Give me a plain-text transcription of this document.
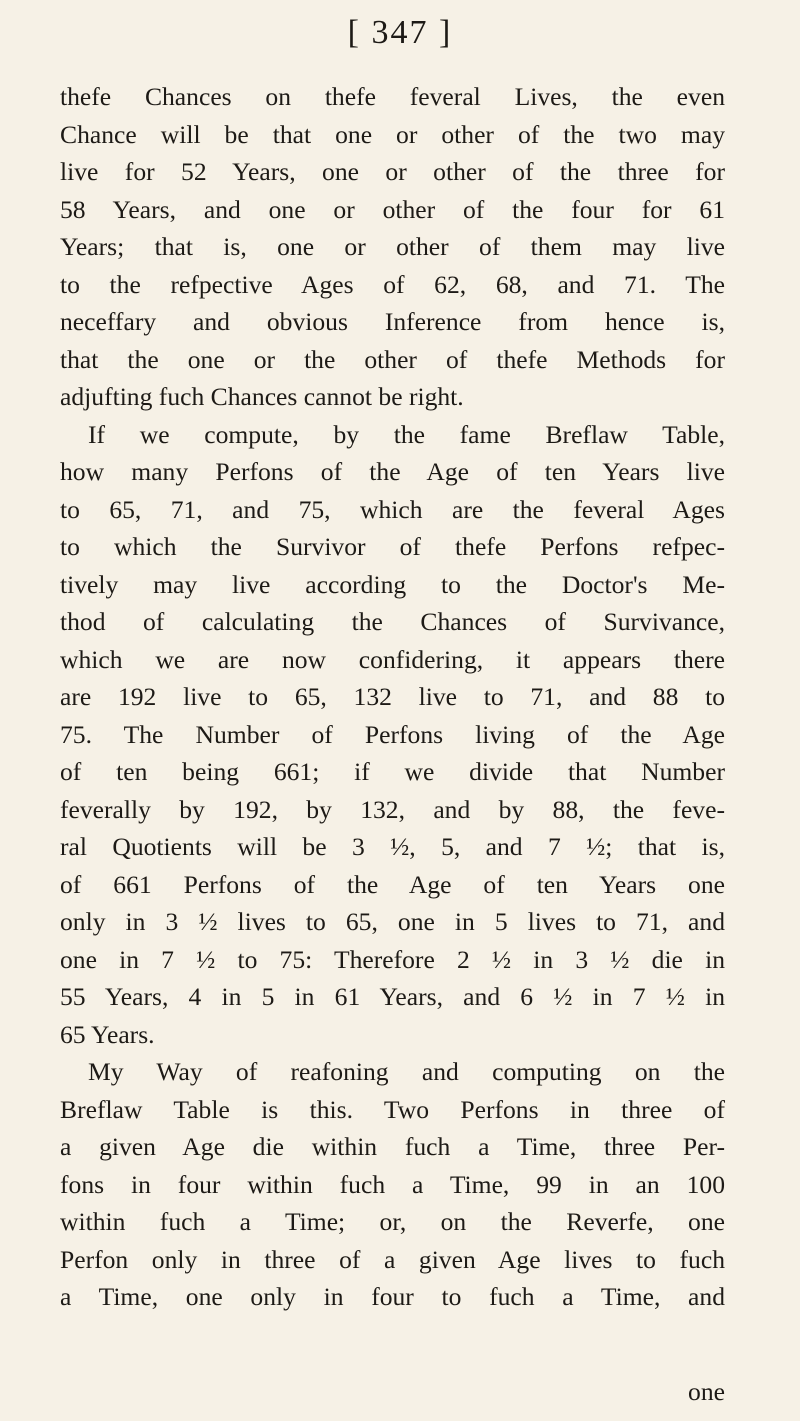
[ 347 ]
thefe Chances on thefe feveral Lives, the even
Chance will be that one or other of the two may
live for 52 Years, one or other of the three for
58 Years, and one or other of the four for 61
Years; that is, one or other of them may live
to the refpective Ages of 62, 68, and 71. The
neceffary and obvious Inference from hence is,
that the one or the other of thefe Methods for
adjufting fuch Chances cannot be right.
If we compute, by the fame Breflaw Table,
how many Perfons of the Age of ten Years live
to 65, 71, and 75, which are the feveral Ages
to which the Survivor of thefe Perfons refpec-
tively may live according to the Doctor's Me-
thod of calculating the Chances of Survivance,
which we are now confidering, it appears there
are 192 live to 65, 132 live to 71, and 88 to
75. The Number of Perfons living of the Age
of ten being 661; if we divide that Number
feverally by 192, by 132, and by 88, the feve-
ral Quotients will be 3 ½, 5, and 7 ½; that is,
of 661 Perfons of the Age of ten Years one
only in 3 ½ lives to 65, one in 5 lives to 71, and
one in 7 ½ to 75: Therefore 2 ½ in 3 ½ die in
55 Years, 4 in 5 in 61 Years, and 6 ½ in 7 ½ in
65 Years.
My Way of reafoning and computing on the
Breflaw Table is this. Two Perfons in three of
a given Age die within fuch a Time, three Per-
fons in four within fuch a Time, 99 in an 100
within fuch a Time; or, on the Reverfe, one
Perfon only in three of a given Age lives to fuch
a Time, one only in four to fuch a Time, and
one
